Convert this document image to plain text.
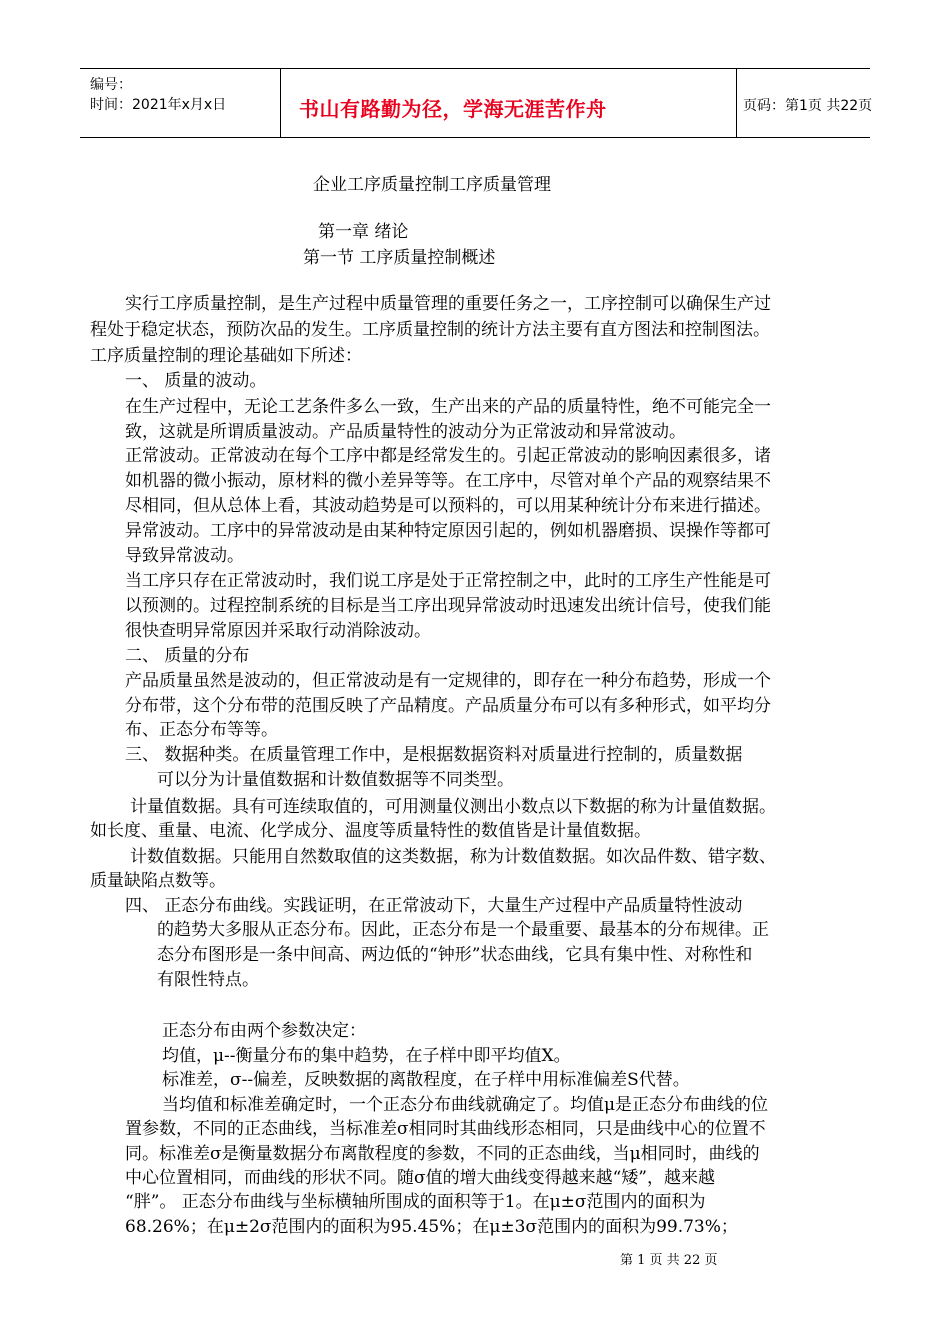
编号：
时间：2021年x月x日	书山有路勤为径，学海无涯苦作舟	页码：第1页 共22页
企业工序质量控制工序质量管理
第一章 绪论
第一节 工序质量控制概述
实行工序质量控制，是生产过程中质量管理的重要任务之一，工序控制可以确保生产过
程处于稳定状态，预防次品的发生。工序质量控制的统计方法主要有直方图法和控制图法。
工序质量控制的理论基础如下所述：
一、 质量的波动。
在生产过程中，无论工艺条件多么一致，生产出来的产品的质量特性，绝不可能完全一
致，这就是所谓质量波动。产品质量特性的波动分为正常波动和异常波动。
正常波动。正常波动在每个工序中都是经常发生的。引起正常波动的影响因素很多，诸
如机器的微小振动，原材料的微小差异等等。在工序中，尽管对单个产品的观察结果不
尽相同，但从总体上看，其波动趋势是可以预料的，可以用某种统计分布来进行描述。
异常波动。工序中的异常波动是由某种特定原因引起的，例如机器磨损、误操作等都可
导致异常波动。
当工序只存在正常波动时，我们说工序是处于正常控制之中，此时的工序生产性能是可
以预测的。过程控制系统的目标是当工序出现异常波动时迅速发出统计信号，使我们能
很快查明异常原因并采取行动消除波动。
二、 质量的分布
产品质量虽然是波动的，但正常波动是有一定规律的，即存在一种分布趋势，形成一个
分布带，这个分布带的范围反映了产品精度。产品质量分布可以有多种形式，如平均分
布、正态分布等等。
三、 数据种类。在质量管理工作中，是根据数据资料对质量进行控制的，质量数据
可以分为计量值数据和计数值数据等不同类型。
计量值数据。具有可连续取值的，可用测量仪测出小数点以下数据的称为计量值数据。
如长度、重量、电流、化学成分、温度等质量特性的数值皆是计量值数据。
计数值数据。只能用自然数取值的这类数据，称为计数值数据。如次品件数、错字数、
质量缺陷点数等。
四、 正态分布曲线。实践证明，在正常波动下，大量生产过程中产品质量特性波动
的趋势大多服从正态分布。因此，正态分布是一个最重要、最基本的分布规律。正
态分布图形是一条中间高、两边低的“钟形”状态曲线，它具有集中性、对称性和
有限性特点。
正态分布由两个参数决定：
均值，μ--衡量分布的集中趋势，在子样中即平均值X。
标准差，σ--偏差，反映数据的离散程度，在子样中用标准偏差S代替。
当均值和标准差确定时，一个正态分布曲线就确定了。均值μ是正态分布曲线的位
置参数，不同的正态曲线，当标准差σ相同时其曲线形态相同，只是曲线中心的位置不
同。标准差σ是衡量数据分布离散程度的参数，不同的正态曲线，当μ相同时，曲线的
中心位置相同，而曲线的形状不同。随σ值的增大曲线变得越来越“矮”，越来越
“胖”。 正态分布曲线与坐标横轴所围成的面积等于1。在μ±σ范围内的面积为
68.26%；在μ±2σ范围内的面积为95.45%；在μ±3σ范围内的面积为99.73%；
第 1 页 共 22 页
